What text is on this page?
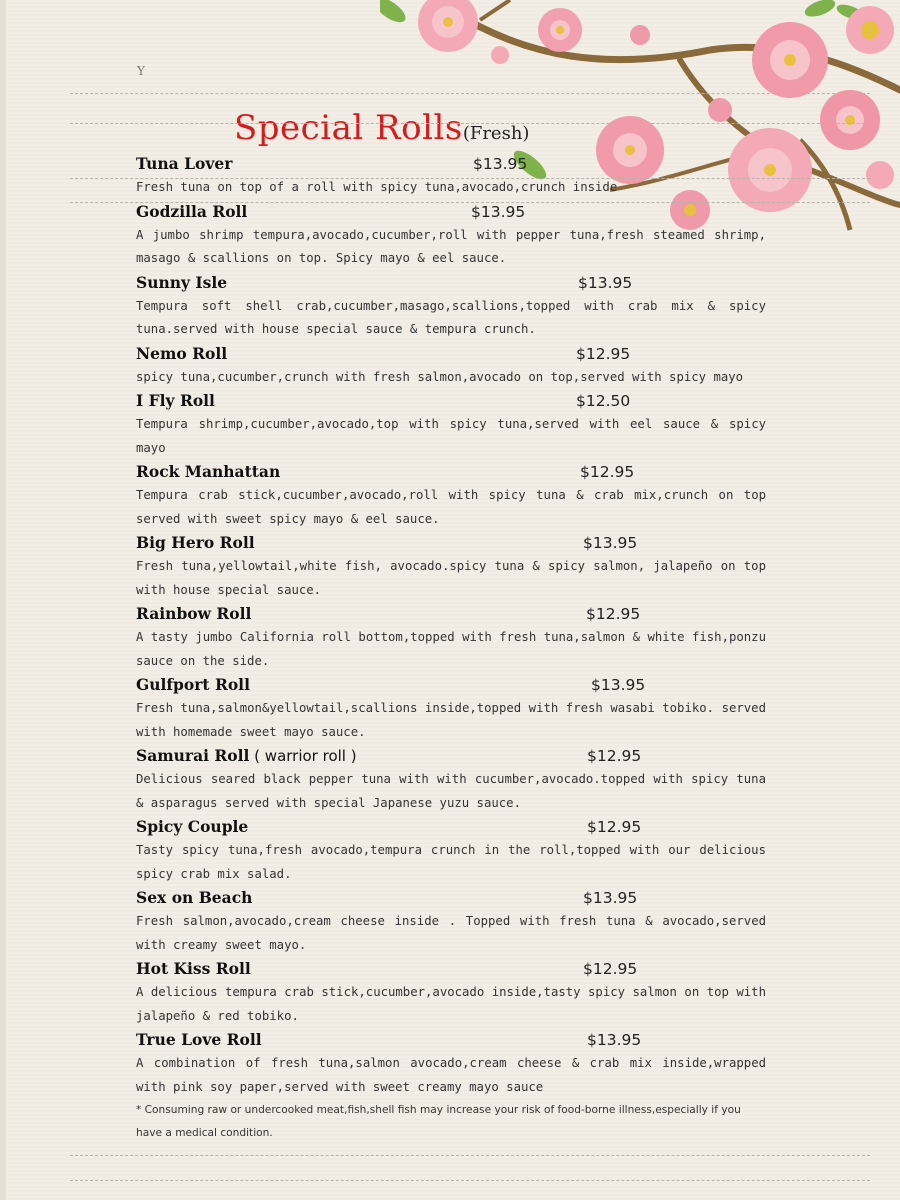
Y
Special Rolls(Fresh)
Tuna Lover	$13.95
Fresh tuna on top of a roll with spicy tuna,avocado,crunch inside
Godzilla Roll	$13.95
A jumbo shrimp tempura,avocado,cucumber,roll with pepper tuna,fresh steamed shrimp, masago & scallions on top. Spicy mayo & eel sauce.
Sunny Isle	$13.95
Tempura soft shell crab,cucumber,masago,scallions,topped with crab mix & spicy tuna.served with house special sauce & tempura crunch.
Nemo Roll	$12.95
spicy tuna,cucumber,crunch with fresh salmon,avocado on top,served with spicy mayo
I Fly Roll	$12.50
Tempura shrimp,cucumber,avocado,top with spicy tuna,served with eel sauce & spicy mayo
Rock Manhattan	$12.95
Tempura crab stick,cucumber,avocado,roll with spicy tuna & crab mix,crunch on top served with sweet spicy mayo & eel sauce.
Big Hero Roll	$13.95
Fresh tuna,yellowtail,white fish, avocado.spicy tuna & spicy salmon, jalapeño on top with house special sauce.
Rainbow Roll	$12.95
A tasty jumbo California roll bottom,topped with fresh tuna,salmon & white fish,ponzu sauce on the side.
Gulfport Roll	$13.95
Fresh tuna,salmon&yellowtail,scallions inside,topped with fresh wasabi tobiko. served with homemade sweet mayo sauce.
Samurai Roll ( warrior roll )	$12.95
Delicious seared black pepper tuna with with cucumber,avocado.topped with spicy tuna & asparagus served with special Japanese yuzu sauce.
Spicy Couple	$12.95
Tasty spicy tuna,fresh avocado,tempura crunch in the roll,topped with our delicious spicy crab mix salad.
Sex on Beach	$13.95
Fresh salmon,avocado,cream cheese inside . Topped with fresh tuna & avocado,served with creamy sweet mayo.
Hot Kiss Roll	$12.95
A delicious tempura crab stick,cucumber,avocado inside,tasty spicy salmon on top with jalapeño & red tobiko.
True Love Roll	$13.95
A combination of fresh tuna,salmon avocado,cream cheese & crab mix inside,wrapped with pink soy paper,served with sweet creamy mayo sauce
* Consuming raw or undercooked meat,fish,shell fish may increase your risk of food-borne illness,especially if you have a medical condition.
